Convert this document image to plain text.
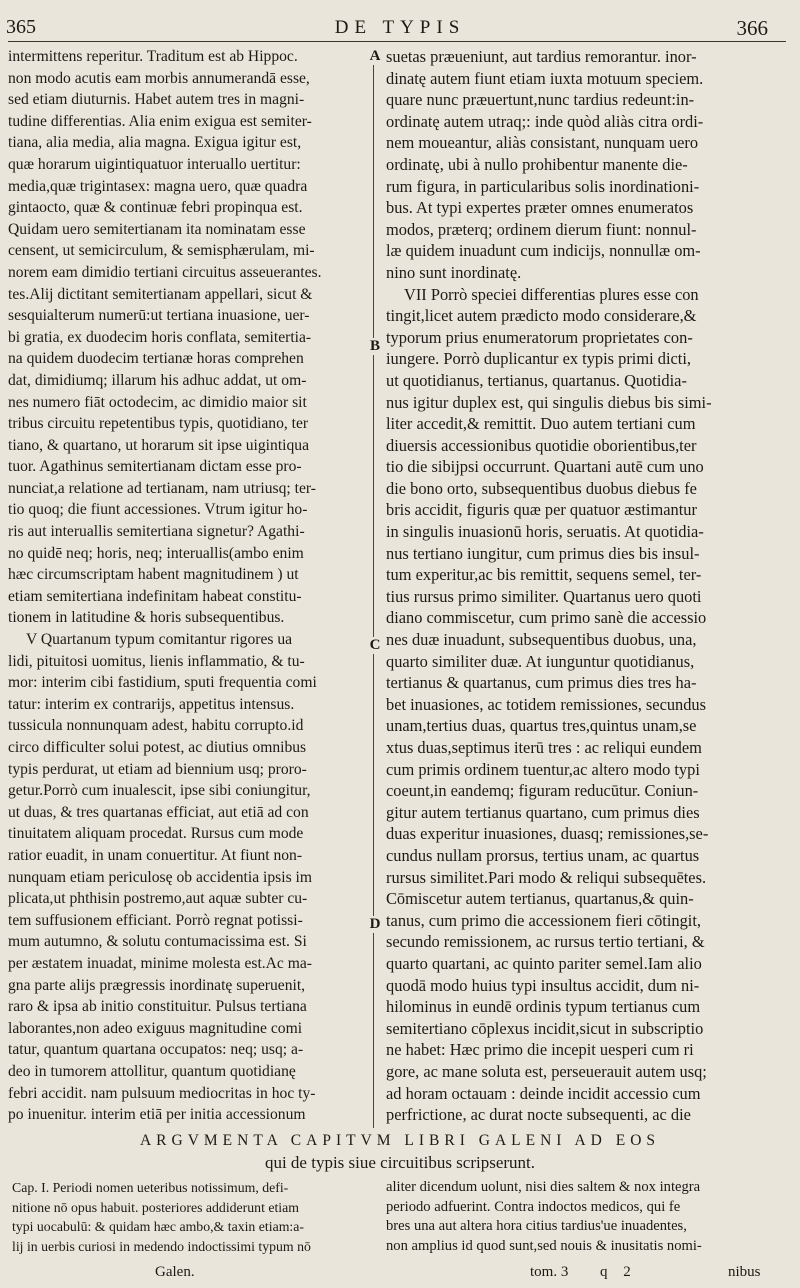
365	DE TYPIS	366
intermittens reperitur. Traditum est ab Hippoc.
non modo acutis eam morbis annumerandā esse,
sed etiam diuturnis. Habet autem tres in magni-
tudine differentias. Alia enim exigua est semiter-
tiana, alia media, alia magna. Exigua igitur est,
quæ horarum uigintiquatuor interuallo uertitur:
media,quæ trigintasex: magna uero, quæ quadra
gintaocto, quæ & continuæ febri propinqua est.
Quidam uero semitertianam ita nominatam esse
censent, ut semicirculum, & semisphærulam, mi-
norem eam dimidio tertiani circuitus asseuerantes.
tes.Alij dictitant semitertianam appellari, sicut &
sesquialterum numerū:ut tertiana inuasione, uer-
bi gratia, ex duodecim horis conflata, semitertia-
na quidem duodecim tertianæ horas comprehen
dat, dimidiumq; illarum his adhuc addat, ut om-
nes numero fiāt octodecim, ac dimidio maior sit
tribus circuitu repetentibus typis, quotidiano, ter
tiano, & quartano, ut horarum sit ipse uigintiqua
tuor. Agathinus semitertianam dictam esse pro-
nunciat,a relatione ad tertianam, nam utriusq; ter-
tio quoq; die fiunt accessiones. Vtrum igitur ho-
ris aut interuallis semitertiana signetur? Agathi-
no quidē neq; horis, neq; interuallis(ambo enim
hæc circumscriptam habent magnitudinem ) ut
etiam semitertiana indefinitam habeat constitu-
tionem in latitudine & horis subsequentibus.
V Quartanum typum comitantur rigores ua
lidi, pituitosi uomitus, lienis inflammatio, & tu-
mor: interim cibi fastidium, sputi frequentia comi
tatur: interim ex contrarijs, appetitus intensus.
tussicula nonnunquam adest, habitu corrupto.id
circo difficulter solui potest, ac diutius omnibus
typis perdurat, ut etiam ad biennium usq; proro-
getur.Porrò cum inualescit, ipse sibi coniungitur,
ut duas, & tres quartanas efficiat, aut etiā ad con
tinuitatem aliquam procedat. Rursus cum mode
ratior euadit, in unam conuertitur. At fiunt non-
nunquam etiam periculosę ob accidentia ipsis im
plicata,ut phthisin postremo,aut aquæ subter cu-
tem suffusionem efficiant. Porrò regnat potissi-
mum autumno, & solutu contumacissima est. Si
per æstatem inuadat, minime molesta est.Ac ma-
gna parte alijs prægressis inordinatę superuenit,
raro & ipsa ab initio constituitur. Pulsus tertiana
laborantes,non adeo exiguus magnitudine comi
tatur, quantum quartana occupatos: neq; usq; a-
deo in tumorem attollitur, quantum quotidianę
febri accidit. nam pulsuum mediocritas in hoc ty-
po inuenitur. interim etiā per initia accessionum
suetas præueniunt, aut tardius remorantur. inor-
dinatę autem fiunt etiam iuxta motuum speciem.
quare nunc præuertunt,nunc tardius redeunt:in-
ordinatę autem utraq;: inde quòd aliàs citra ordi-
nem moueantur, aliàs consistant, nunquam uero
ordinatę, ubi à nullo prohibentur manente die-
rum figura, in particularibus solis inordinationi-
bus. At typi expertes præter omnes enumeratos
modos, præterq; ordinem dierum fiunt: nonnul-
læ quidem inuadunt cum indicijs, nonnullæ om-
nino sunt inordinatę.
VII Porrò speciei differentias plures esse con
tingit,licet autem prædicto modo considerare,&
typorum prius enumeratorum proprietates con-
iungere. Porrò duplicantur ex typis primi dicti,
ut quotidianus, tertianus, quartanus. Quotidia-
nus igitur duplex est, qui singulis diebus bis simi-
liter accedit,& remittit. Duo autem tertiani cum
diuersis accessionibus quotidie oborientibus,ter
tio die sibijpsi occurrunt. Quartani autē cum uno
die bono orto, subsequentibus duobus diebus fe
bris accidit, figuris quæ per quatuor æstimantur
in singulis inuasionū horis, seruatis. At quotidia-
nus tertiano iungitur, cum primus dies bis insul-
tum experitur,ac bis remittit, sequens semel, ter-
tius rursus primo similiter. Quartanus uero quoti
diano commiscetur, cum primo sanè die accessio
nes duæ inuadunt, subsequentibus duobus, una,
quarto similiter duæ. At iunguntur quotidianus,
tertianus & quartanus, cum primus dies tres ha-
bet inuasiones, ac totidem remissiones, secundus
unam,tertius duas, quartus tres,quintus unam,se
xtus duas,septimus iterū tres : ac reliqui eundem
cum primis ordinem tuentur,ac altero modo typi
coeunt,in eandemq; figuram reducūtur. Coniun-
gitur autem tertianus quartano, cum primus dies
duas experitur inuasiones, duasq; remissiones,se-
cundus nullam prorsus, tertius unam, ac quartus
rursus similitet.Pari modo & reliqui subsequētes.
Cōmiscetur autem tertianus, quartanus,& quin-
tanus, cum primo die accessionem fieri cōtingit,
secundo remissionem, ac rursus tertio tertiani, &
quarto quartani, ac quinto pariter semel.Iam alio
quodā modo huius typi insultus accidit, dum ni-
hilominus in eundē ordinis typum tertianus cum
semitertiano cōplexus incidit,sicut in subscriptio
ne habet: Hæc primo die incepit uesperi cum ri
gore, ac mane soluta est, perseuerauit autem usq;
ad horam octauam : deinde incidit accessio cum
perfrictione, ac durat nocte subsequenti, ac die
A
B
C
D
ARGVMENTA CAPITVM LIBRI GALENI AD EOS
qui de typis siue circuitibus scripserunt.
Cap. I. Periodi nomen ueteribus notissimum, defi-
nitione nō opus habuit. posteriores addiderunt etiam
typi uocabulū: & quidam hæc ambo,& taxin etiam:a-
lij in uerbis curiosi in medendo indoctissimi typum nō
aliter dicendum uolunt, nisi dies saltem & nox integra
periodo adfuerint. Contra indoctos medicos, qui fe
bres una aut altera hora citius tardius'ue inuadentes,
non amplius id quod sunt,sed nouis & inusitatis nomi-
Galen.	tom. 3 q 2	nibus
